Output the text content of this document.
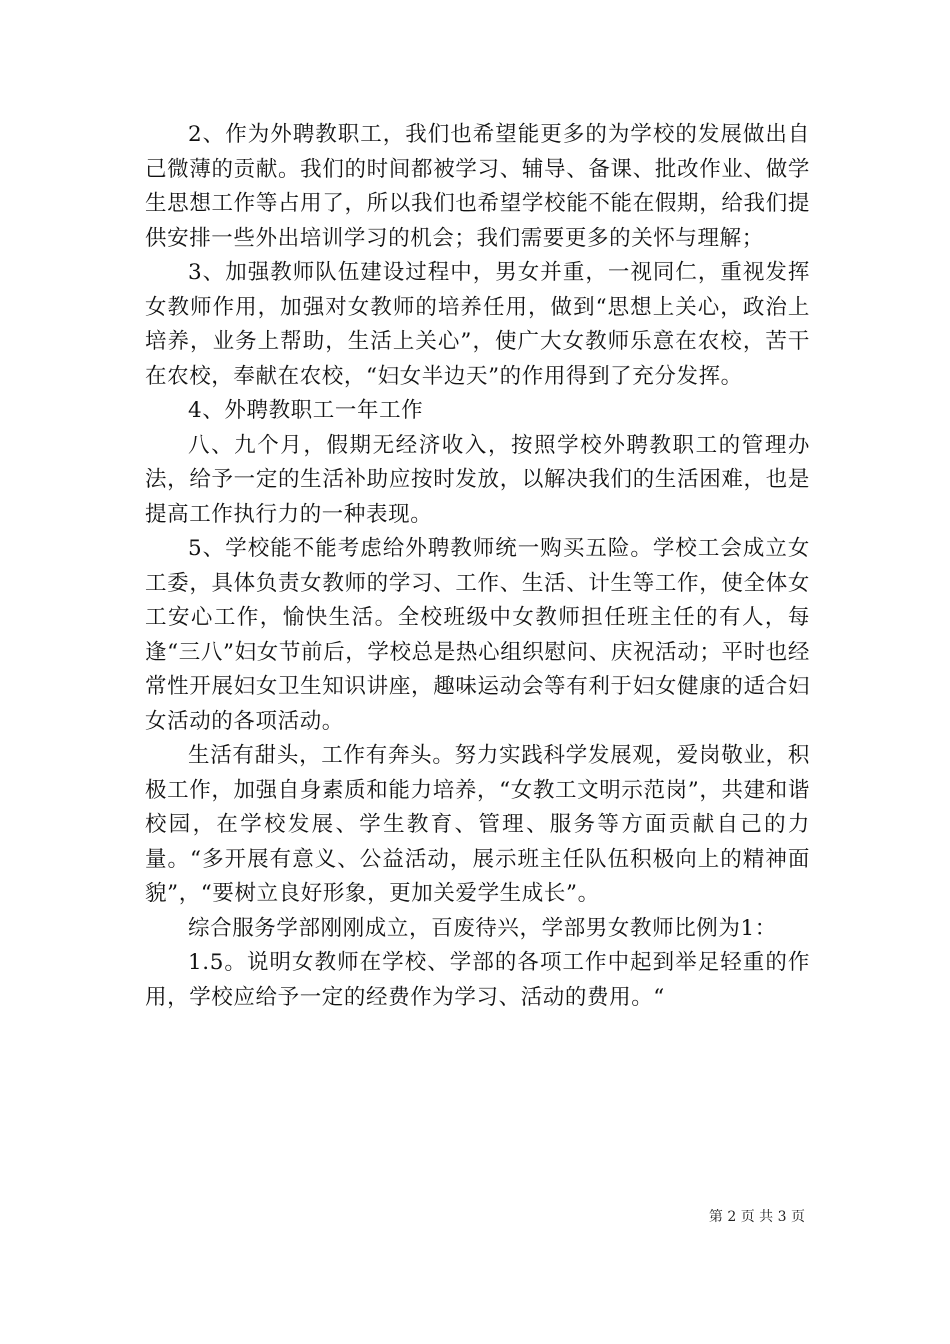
2、作为外聘教职工，我们也希望能更多的为学校的发展做出自己微薄的贡献。我们的时间都被学习、辅导、备课、批改作业、做学生思想工作等占用了，所以我们也希望学校能不能在假期，给我们提供安排一些外出培训学习的机会；我们需要更多的关怀与理解；

3、加强教师队伍建设过程中，男女并重，一视同仁，重视发挥女教师作用，加强对女教师的培养任用，做到“思想上关心，政治上培养，业务上帮助，生活上关心”，使广大女教师乐意在农校，苦干在农校，奉献在农校，“妇女半边天”的作用得到了充分发挥。

4、外聘教职工一年工作

八、九个月，假期无经济收入，按照学校外聘教职工的管理办法，给予一定的生活补助应按时发放，以解决我们的生活困难，也是提高工作执行力的一种表现。

5、学校能不能考虑给外聘教师统一购买五险。学校工会成立女工委，具体负责女教师的学习、工作、生活、计生等工作，使全体女工安心工作，愉快生活。全校班级中女教师担任班主任的有人，每逢“三八”妇女节前后，学校总是热心组织慰问、庆祝活动；平时也经常性开展妇女卫生知识讲座，趣味运动会等有利于妇女健康的适合妇女活动的各项活动。

生活有甜头，工作有奔头。努力实践科学发展观，爱岗敬业，积极工作，加强自身素质和能力培养，“女教工文明示范岗”，共建和谐校园，在学校发展、学生教育、管理、服务等方面贡献自己的力量。“多开展有意义、公益活动，展示班主任队伍积极向上的精神面貌”，“要树立良好形象，更加关爱学生成长”。

综合服务学部刚刚成立，百废待兴，学部男女教师比例为1：

1.5。说明女教师在学校、学部的各项工作中起到举足轻重的作用，学校应给予一定的经费作为学习、活动的费用。“

第 2 页 共 3 页
